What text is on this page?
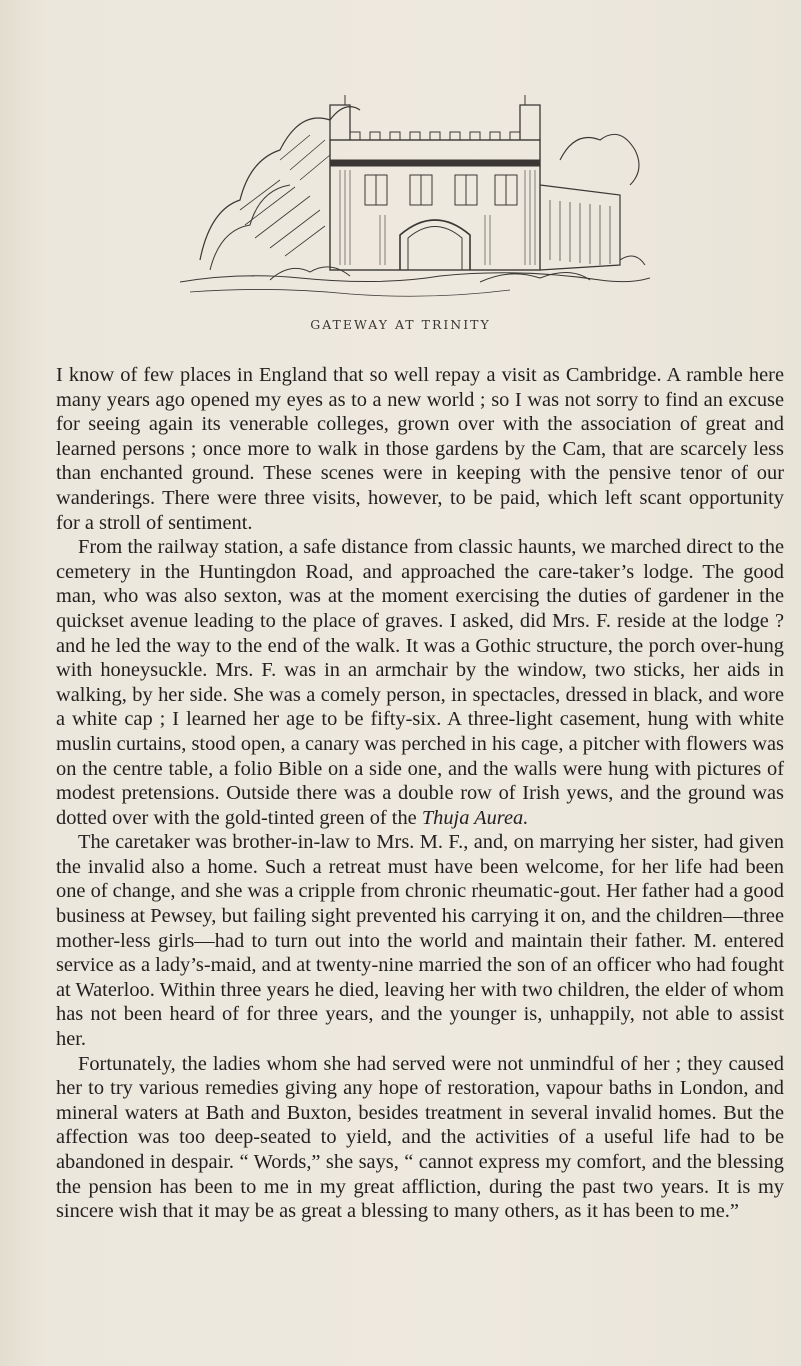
GATEWAY AT TRINITY

I know of few places in England that so well repay a visit as Cambridge. A ramble here many years ago opened my eyes as to a new world ; so I was not sorry to find an excuse for seeing again its venerable colleges, grown over with the association of great and learned persons ; once more to walk in those gardens by the Cam, that are scarcely less than enchanted ground. These scenes were in keeping with the pensive tenor of our wanderings. There were three visits, however, to be paid, which left scant opportunity for a stroll of sentiment.

From the railway station, a safe distance from classic haunts, we marched direct to the cemetery in the Huntingdon Road, and approached the care-taker’s lodge. The good man, who was also sexton, was at the moment exercising the duties of gardener in the quickset avenue leading to the place of graves. I asked, did Mrs. F. reside at the lodge ? and he led the way to the end of the walk. It was a Gothic structure, the porch over-hung with honeysuckle. Mrs. F. was in an armchair by the window, two sticks, her aids in walking, by her side. She was a comely person, in spectacles, dressed in black, and wore a white cap ; I learned her age to be fifty-six. A three-light casement, hung with white muslin curtains, stood open, a canary was perched in his cage, a pitcher with flowers was on the centre table, a folio Bible on a side one, and the walls were hung with pictures of modest pretensions. Outside there was a double row of Irish yews, and the ground was dotted over with the gold-tinted green of the Thuja Aurea.

The caretaker was brother-in-law to Mrs. M. F., and, on marrying her sister, had given the invalid also a home. Such a retreat must have been welcome, for her life had been one of change, and she was a cripple from chronic rheumatic-gout. Her father had a good business at Pewsey, but failing sight prevented his carrying it on, and the children—three mother-less girls—had to turn out into the world and maintain their father. M. entered service as a lady’s-maid, and at twenty-nine married the son of an officer who had fought at Waterloo. Within three years he died, leaving her with two children, the elder of whom has not been heard of for three years, and the younger is, unhappily, not able to assist her.

Fortunately, the ladies whom she had served were not unmindful of her ; they caused her to try various remedies giving any hope of restoration, vapour baths in London, and mineral waters at Bath and Buxton, besides treatment in several invalid homes. But the affection was too deep-seated to yield, and the activities of a useful life had to be abandoned in despair. “ Words,” she says, “ cannot express my comfort, and the blessing the pension has been to me in my great affliction, during the past two years. It is my sincere wish that it may be as great a blessing to many others, as it has been to me.”
